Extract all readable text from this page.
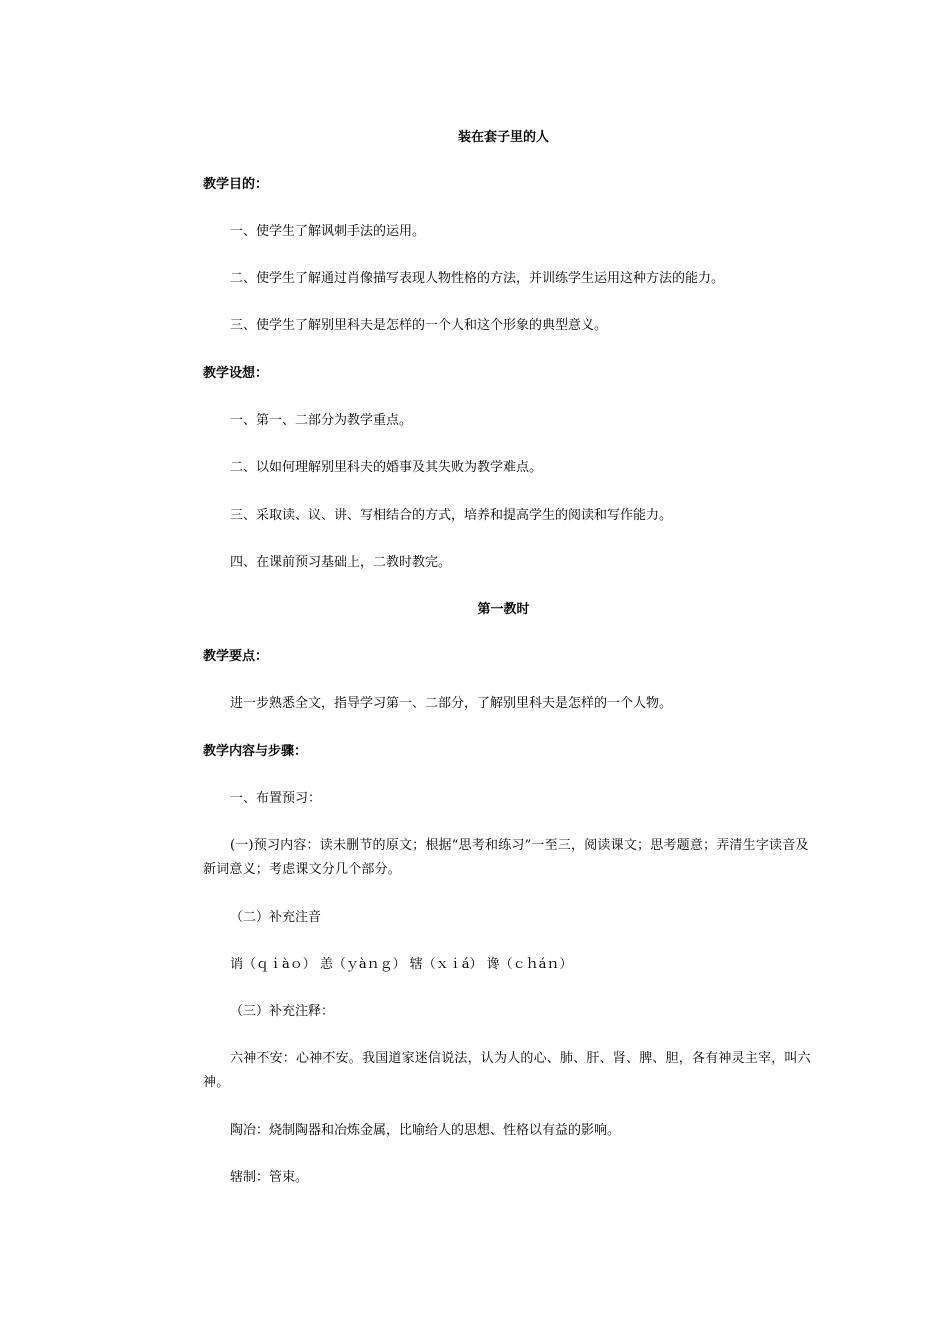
装在套子里的人
教学目的：
一、使学生了解讽刺手法的运用。
二、使学生了解通过肖像描写表现人物性格的方法，并训练学生运用这种方法的能力。
三、使学生了解别里科夫是怎样的一个人和这个形象的典型意义。
教学设想：
一、第一、二部分为教学重点。
二、以如何理解别里科夫的婚事及其失败为教学难点。
三、采取读、议、讲、写相结合的方式，培养和提高学生的阅读和写作能力。
四、在课前预习基础上，二教时教完。
第一教时
教学要点：
进一步熟悉全文，指导学习第一、二部分，了解别里科夫是怎样的一个人物。
教学内容与步骤：
一、布置预习：
(一)预习内容：读未删节的原文；根据“思考和练习”一至三，阅读课文；思考题意；弄清生字读音及新词意义；考虑课文分几个部分。
（二）补充注音
诮（ｑｉàｏ） 恙（ｙàｎｇ） 辖（ｘｉá） 谗（ｃｈáｎ）
（三）补充注释：
六神不安：心神不安。我国道家迷信说法，认为人的心、肺、肝、肾、脾、胆，各有神灵主宰，叫六神。
陶冶：烧制陶器和冶炼金属，比喻给人的思想、性格以有益的影响。
辖制：管束。
